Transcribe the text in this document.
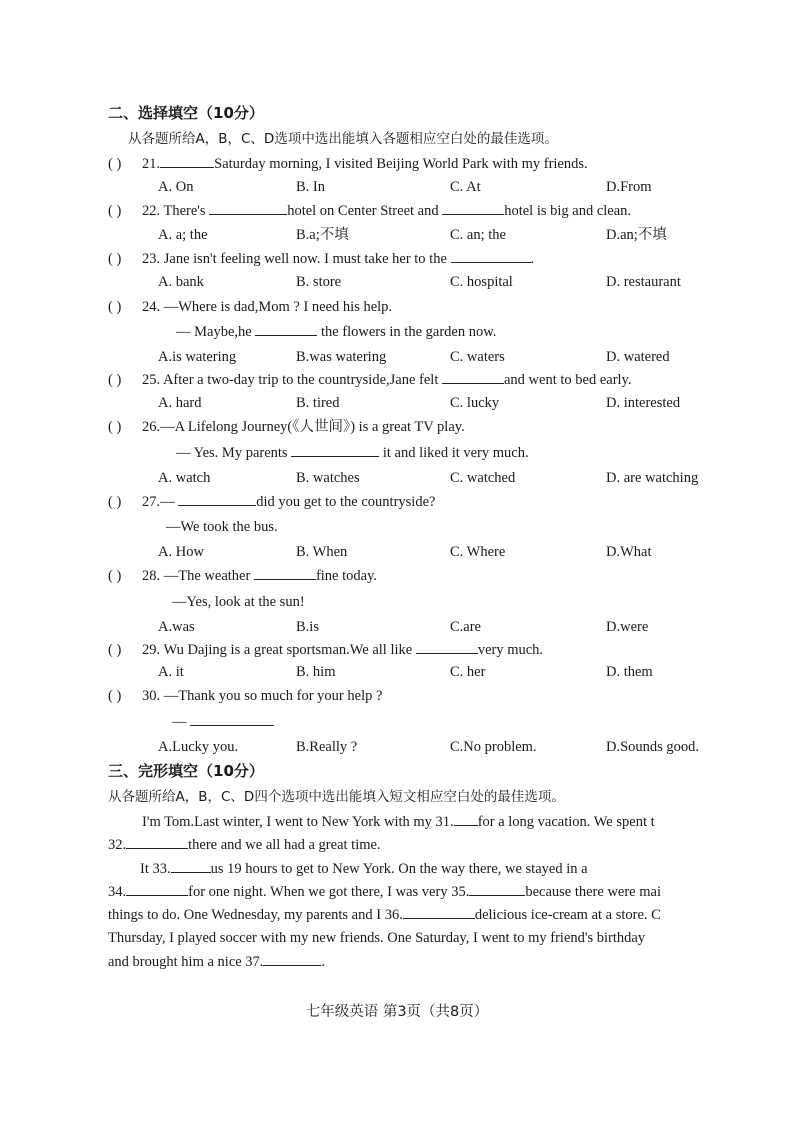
二、选择填空（10分）
从各题所给A，B，C、D选项中选出能填入各题相应空白处的最佳选项。
( ) 21.	Saturday morning, I visited Beijing World Park with my friends.
A. On	B. In	C. At	D.From
( ) 22. There's	hotel on Center Street and	hotel is big and clean.
A. a; the	B.a;不填	C. an; the	D.an;不填
( ) 23. Jane isn't feeling well now. I must take her to the	.
A. bank	B. store	C. hospital	D. restaurant
( ) 24. —Where is dad,Mom ? I need his help.
— Maybe,he	the flowers in the garden now.
A.is watering	B.was watering	C. waters	D. watered
( ) 25. After a two-day trip to the countryside,Jane felt	and went to bed early.
A. hard	B. tired	C. lucky	D. interested
( ) 26.—A Lifelong Journey(《人世间》) is a great TV play.
— Yes. My parents	it and liked it very much.
A. watch	B. watches	C. watched	D. are watching
( ) 27.—	did you get to the countryside?
—We took the bus.
A. How	B. When	C. Where	D.What
( ) 28. —The weather	fine today.
—Yes, look at the sun!
A.was	B.is	C.are	D.were
( ) 29. Wu Dajing is a great sportsman.We all like	very much.
A. it	B. him	C. her	D. them
( ) 30. —Thank you so much for your help ?
—
A.Lucky you.	B.Really ?	C.No problem.	D.Sounds good.
三、完形填空（10分）
从各题所给A，B，C、D四个选项中选出能填入短文相应空白处的最佳选项。
I'm Tom.Last winter, I went to New York with my 31. for a long vacation. We spent t
32.	there and we all had a great time.
It 33.	us 19 hours to get to New York. On the way there, we stayed in a
34.	for one night. When we got there, I was very 35.	because there were mai
things to do. One Wednesday, my parents and I 36.	delicious ice-cream at a store. C
Thursday, I played soccer with my new friends. One Saturday, I went to my friend's birthday
and brought him a nice 37.	.
七年级英语 第3页（共8页）
